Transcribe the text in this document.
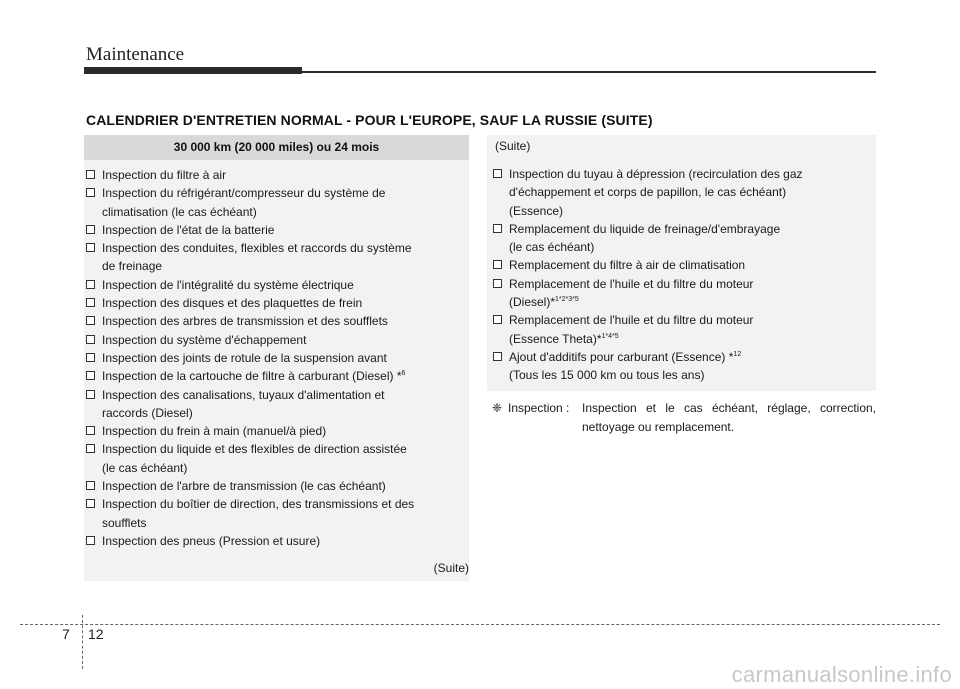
Maintenance
CALENDRIER D'ENTRETIEN NORMAL - POUR L'EUROPE, SAUF LA RUSSIE (SUITE)
30 000 km (20 000 miles) ou 24 mois
Inspection du filtre à air
Inspection du réfrigérant/compresseur du système de
climatisation (le cas échéant)
Inspection de l'état de la batterie
Inspection des conduites, flexibles et raccords du système
de freinage
Inspection de l'intégralité du système électrique
Inspection des disques et des plaquettes de frein
Inspection des arbres de transmission et des soufflets
Inspection du système d'échappement
Inspection des joints de rotule de la suspension avant
Inspection de la cartouche de filtre à carburant (Diesel) *$^6$
Inspection des canalisations, tuyaux d'alimentation et
raccords (Diesel)
Inspection du frein à main (manuel/à pied)
Inspection du liquide et des flexibles de direction assistée
(le cas échéant)
Inspection de l'arbre de transmission (le cas échéant)
Inspection du boîtier de direction, des transmissions et des
soufflets
Inspection des pneus (Pression et usure)
(Suite)
(Suite)
Inspection du tuyau à dépression (recirculation des gaz
d'échappement et corps de papillon, le cas échéant)
(Essence)
Remplacement du liquide de freinage/d'embrayage
(le cas échéant)
Remplacement du filtre à air de climatisation
Remplacement de l'huile et du filtre du moteur
(Diesel)*$^{1*2*3*5}$
Remplacement de l'huile et du filtre du moteur
(Essence Theta)*$^{1*4*5}$
Ajout d'additifs pour carburant (Essence) *$^{12}$
(Tous les 15 000 km ou tous les ans)
❈ Inspection : Inspection et le cas échéant, réglage, correction, nettoyage ou remplacement.
7 12
carmanualsonline.info
